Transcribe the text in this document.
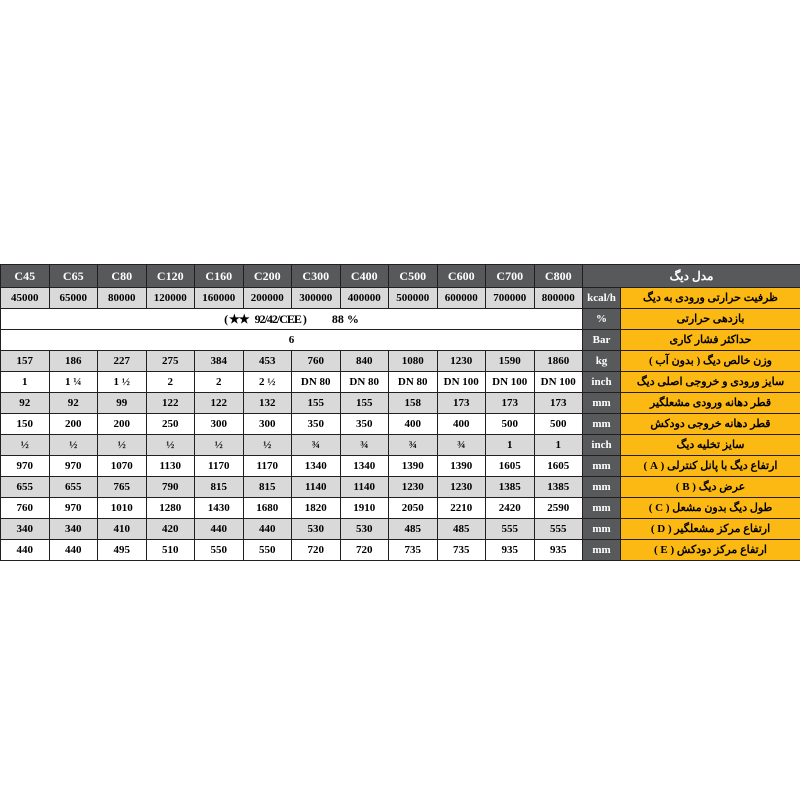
مدل دیگ		C800	C700	C600	C500	C400	C300	C200	C160	C120	C80	C65	C45
ظرفیت حرارتی ورودی به دیگ	kcal/h	800000	700000	600000	500000	400000	300000	200000	160000	120000	80000	65000	45000
بازدهی حرارتی	%	( ★★   92/42/CEE ) 88 %											

حداکثر فشار کاری	Bar	6											
وزن خالص دیگ ( بدون آب )	kg	1860	1590	1230	1080	840	760	453	384	275	227	186	157
سایز ورودی و خروجی اصلی دیگ	inch	DN 100	DN 100	DN 100	DN 80	DN 80	DN 80	2 ½	2	2	1 ½	1 ¼	1
قطر دهانه ورودی مشعلگیر	mm	173	173	173	158	155	155	132	122	122	99	92	92
قطر دهانه خروجی دودکش	mm	500	500	400	400	350	350	300	300	250	200	200	150
سایز تخلیه دیگ	inch	1	1	¾	¾	¾	¾	½	½	½	½	½	½
ارتفاع دیگ با پانل کنترلی ( A )	mm	1605	1605	1390	1390	1340	1340	1170	1170	1130	1070	970	970
عرض دیگ ( B )	mm	1385	1385	1230	1230	1140	1140	815	815	790	765	655	655
طول دیگ بدون مشعل ( C )	mm	2590	2420	2210	2050	1910	1820	1680	1430	1280	1010	970	760
ارتفاع مرکز مشعلگیر ( D )	mm	555	555	485	485	530	530	440	440	420	410	340	340
ارتفاع مرکز دودکش ( E )	mm	935	935	735	735	720	720	550	550	510	495	440	440
